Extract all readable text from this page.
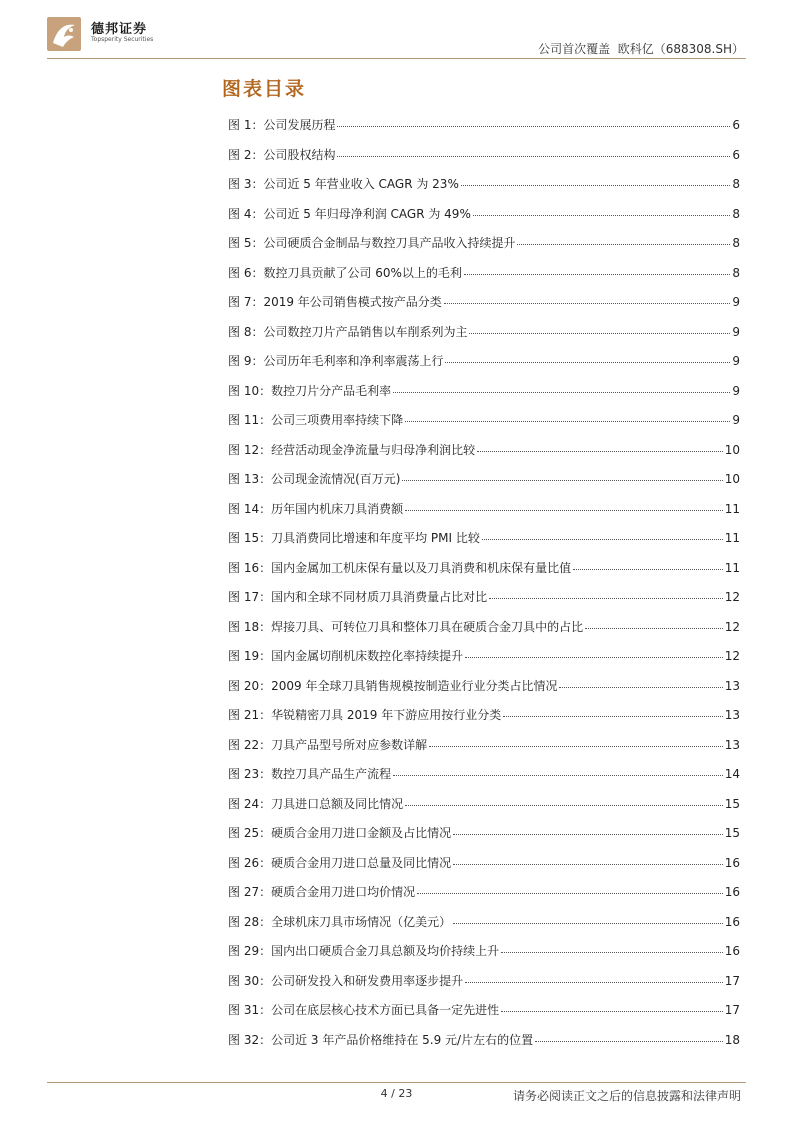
德邦证券
Topsperity Securities
公司首次覆盖  欧科亿（688308.SH）
图表目录
图 1：公司发展历程	6
图 2：公司股权结构	6
图 3：公司近 5 年营业收入 CAGR 为 23%	8
图 4：公司近 5 年归母净利润 CAGR 为 49%	8
图 5：公司硬质合金制品与数控刀具产品收入持续提升	8
图 6：数控刀具贡献了公司 60%以上的毛利	8
图 7：2019 年公司销售模式按产品分类	9
图 8：公司数控刀片产品销售以车削系列为主	9
图 9：公司历年毛利率和净利率震荡上行	9
图 10：数控刀片分产品毛利率	9
图 11：公司三项费用率持续下降	9
图 12：经营活动现金净流量与归母净利润比较	10
图 13：公司现金流情况(百万元)	10
图 14：历年国内机床刀具消费额	11
图 15：刀具消费同比增速和年度平均 PMI 比较	11
图 16：国内金属加工机床保有量以及刀具消费和机床保有量比值	11
图 17：国内和全球不同材质刀具消费量占比对比	12
图 18：焊接刀具、可转位刀具和整体刀具在硬质合金刀具中的占比	12
图 19：国内金属切削机床数控化率持续提升	12
图 20：2009 年全球刀具销售规模按制造业行业分类占比情况	13
图 21：华锐精密刀具 2019 年下游应用按行业分类	13
图 22：刀具产品型号所对应参数详解	13
图 23：数控刀具产品生产流程	14
图 24：刀具进口总额及同比情况	15
图 25：硬质合金用刀进口金额及占比情况	15
图 26：硬质合金用刀进口总量及同比情况	16
图 27：硬质合金用刀进口均价情况	16
图 28：全球机床刀具市场情况（亿美元）	16
图 29：国内出口硬质合金刀具总额及均价持续上升	16
图 30：公司研发投入和研发费用率逐步提升	17
图 31：公司在底层核心技术方面已具备一定先进性	17
图 32：公司近 3 年产品价格维持在 5.9 元/片左右的位置	18
4 / 23	请务必阅读正文之后的信息披露和法律声明
